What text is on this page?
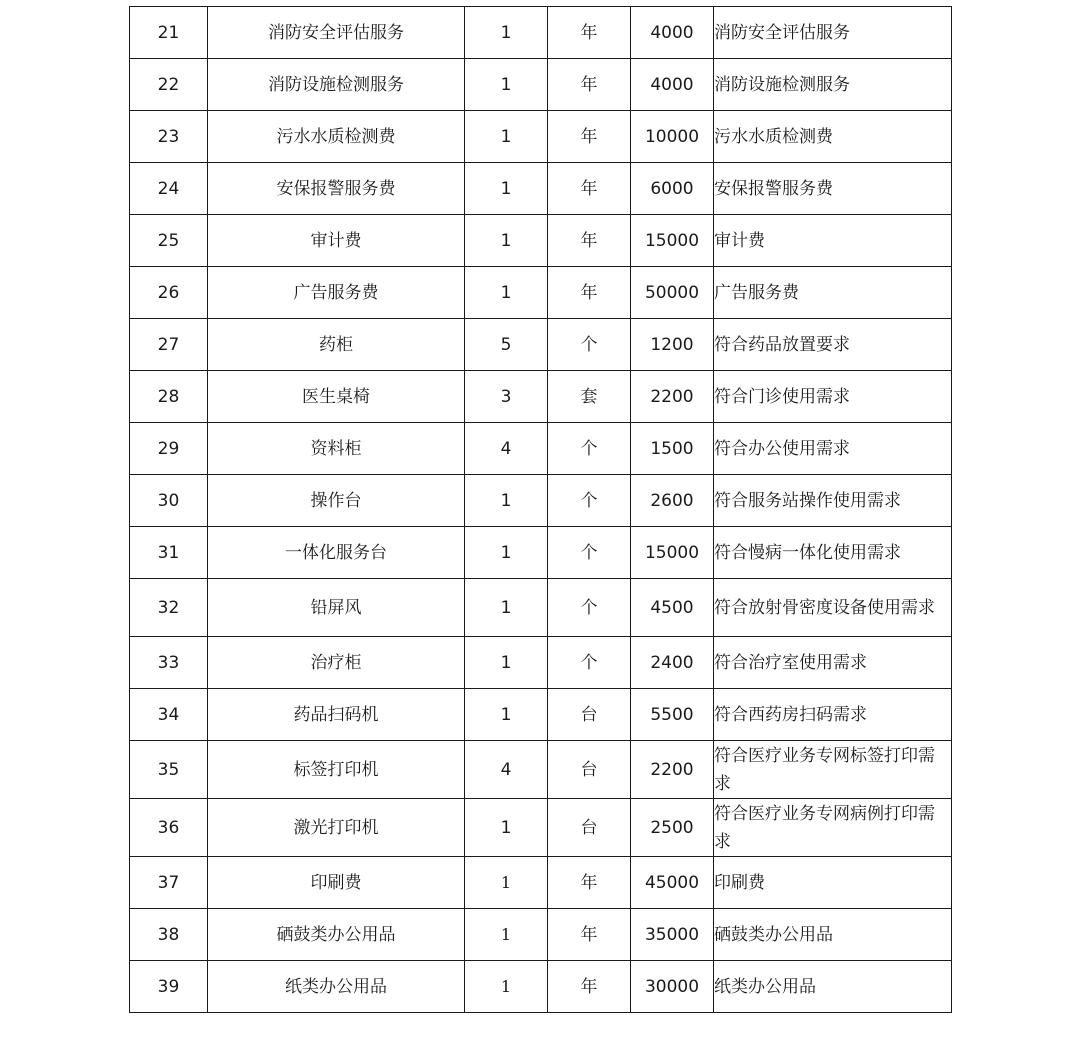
21	消防安全评估服务	1	年	4000	消防安全评估服务
22	消防设施检测服务	1	年	4000	消防设施检测服务
23	污水水质检测费	1	年	10000	污水水质检测费
24	安保报警服务费	1	年	6000	安保报警服务费
25	审计费	1	年	15000	审计费
26	广告服务费	1	年	50000	广告服务费
27	药柜	5	个	1200	符合药品放置要求
28	医生桌椅	3	套	2200	符合门诊使用需求
29	资料柜	4	个	1500	符合办公使用需求
30	操作台	1	个	2600	符合服务站操作使用需求
31	一体化服务台	1	个	15000	符合慢病一体化使用需求
32	铅屏风	1	个	4500	符合放射骨密度设备使用需求
33	治疗柜	1	个	2400	符合治疗室使用需求
34	药品扫码机	1	台	5500	符合西药房扫码需求
35	标签打印机	4	台	2200	符合医疗业务专网标签打印需求
36	激光打印机	1	台	2500	符合医疗业务专网病例打印需求
37	印刷费	1	年	45000	印刷费
38	硒鼓类办公用品	1	年	35000	硒鼓类办公用品
39	纸类办公用品	1	年	30000	纸类办公用品
